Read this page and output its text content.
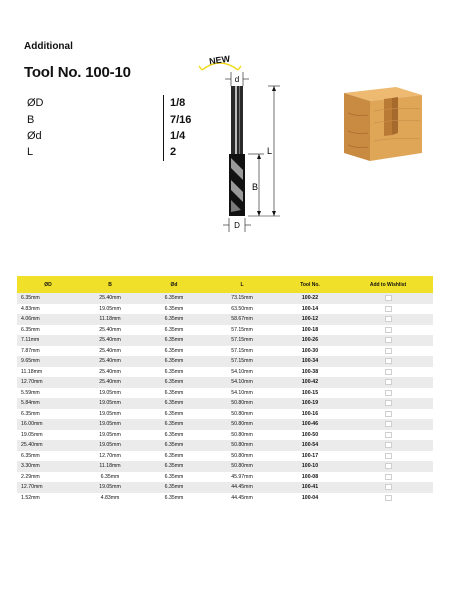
Additional
Tool No. 100-10
ØD	1/8
B	7/16
Ød	1/4
L	2
NEW
d
L
B
D
ØD	B	Ød	L	Tool No.	Add to Wishlist
6.35mm	25.40mm	6.35mm	73.15mm	100-22	
4.83mm	19.05mm	6.35mm	63.50mm	100-14	
4.06mm	11.18mm	6.35mm	58.67mm	100-12	
6.35mm	25.40mm	6.35mm	57.15mm	100-18	
7.11mm	25.40mm	6.35mm	57.15mm	100-26	
7.87mm	25.40mm	6.35mm	57.15mm	100-30	
9.65mm	25.40mm	6.35mm	57.15mm	100-34	
11.18mm	25.40mm	6.35mm	54.10mm	100-38	
12.70mm	25.40mm	6.35mm	54.10mm	100-42	
5.59mm	19.05mm	6.35mm	54.10mm	100-15	
5.84mm	19.05mm	6.35mm	50.80mm	100-19	
6.35mm	19.05mm	6.35mm	50.80mm	100-16	
16.00mm	19.05mm	6.35mm	50.80mm	100-46	
19.05mm	19.05mm	6.35mm	50.80mm	100-50	
25.40mm	19.05mm	6.35mm	50.80mm	100-54	
6.35mm	12.70mm	6.35mm	50.80mm	100-17	
3.30mm	11.18mm	6.35mm	50.80mm	100-10	
2.29mm	6.35mm	6.35mm	45.97mm	100-08	
12.70mm	19.05mm	6.35mm	44.45mm	100-41	
1.52mm	4.83mm	6.35mm	44.45mm	100-04	
